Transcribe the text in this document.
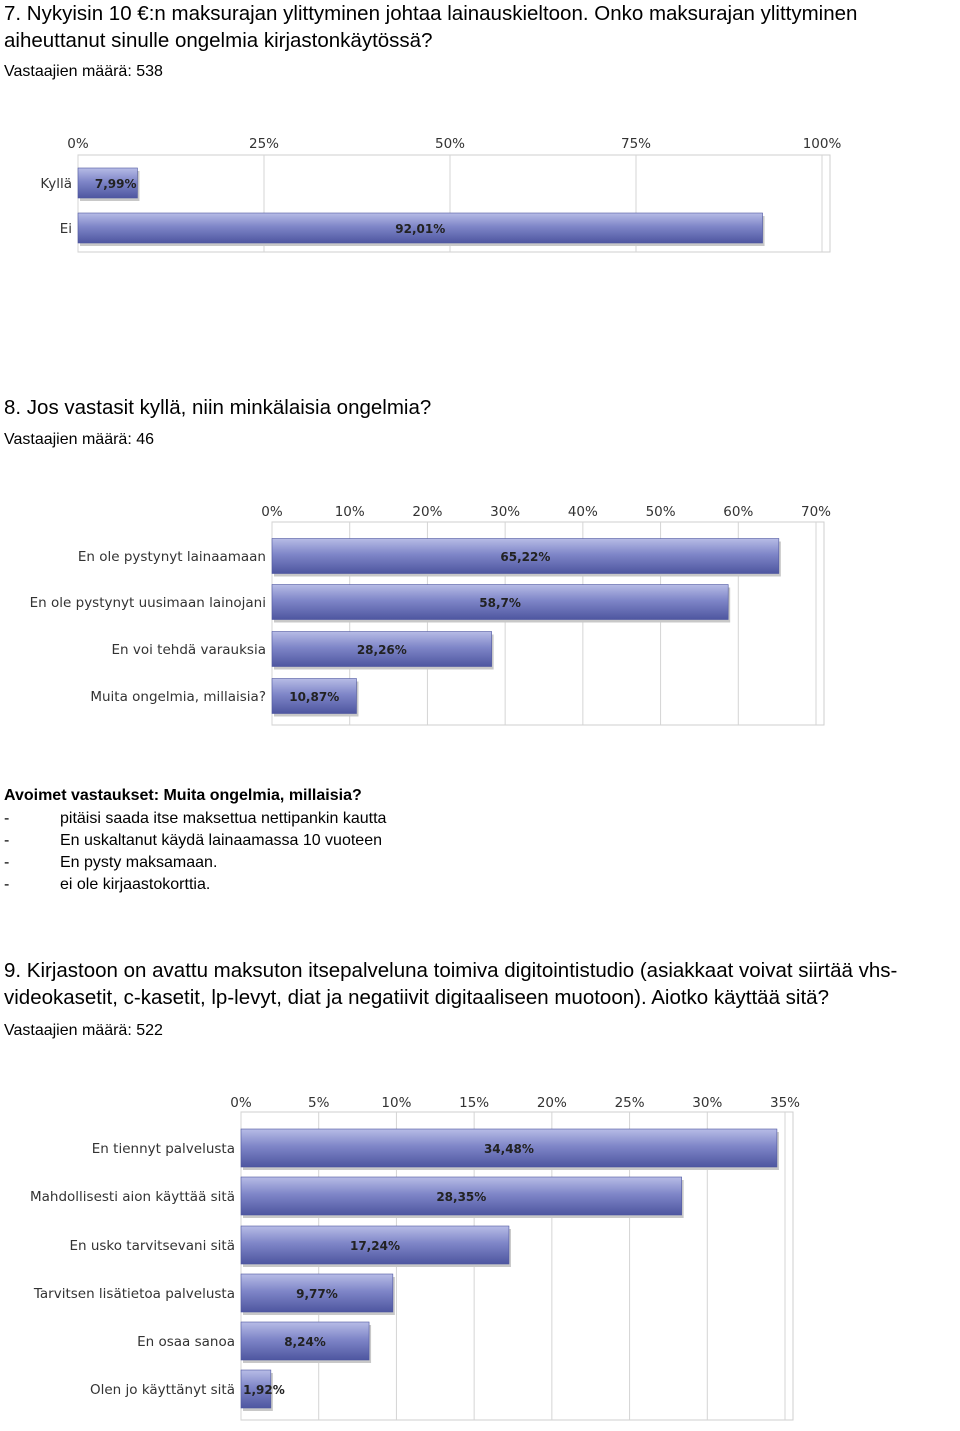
7. Nykyisin 10 €:n maksurajan ylittyminen johtaa lainauskieltoon. Onko maksurajan ylittyminen aiheuttanut sinulle ongelmia kirjastonkäytössä?

Vastaajien määrä: 538
0%	25%	50%	75%	100%
Kyllä 7,99%
Ei	92,01%

8. Jos vastasit kyllä, niin minkälaisia ongelmia?

Vastaajien määrä: 46
0%	10%	20%	30%	40%	50%	60%	70%
En ole pystynyt lainaamaan	65,22%
En ole pystynyt uusimaan lainojani	58,7%
En voi tehdä varauksia	28,26%
Muita ongelmia, millaisia? 10,87%
Avoimet vastaukset: Muita ongelmia, millaisia?
-	pitäisi saada itse maksettua nettipankin kautta
-	En uskaltanut käydä lainaamassa 10 vuoteen
-	En pysty maksamaan.
-	ei ole kirjaastokorttia.

9. Kirjastoon on avattu maksuton itsepalveluna toimiva digitointistudio (asiakkaat voivat siirtää vhs-videokasetit, c-kasetit, lp-levyt, diat ja negatiivit digitaaliseen muotoon). Aiotko käyttää sitä?

Vastaajien määrä: 522
0%	5%	10%	15%	20%	25%	30%	35%
En tiennyt palvelusta	34,48%
Mahdollisesti aion käyttää sitä	28,35%
En usko tarvitsevani sitä	17,24%
Tarvitsen lisätietoa palvelusta	9,77%
En osaa sanoa	8,24%
Olen jo käyttänyt sitä 1,92%
